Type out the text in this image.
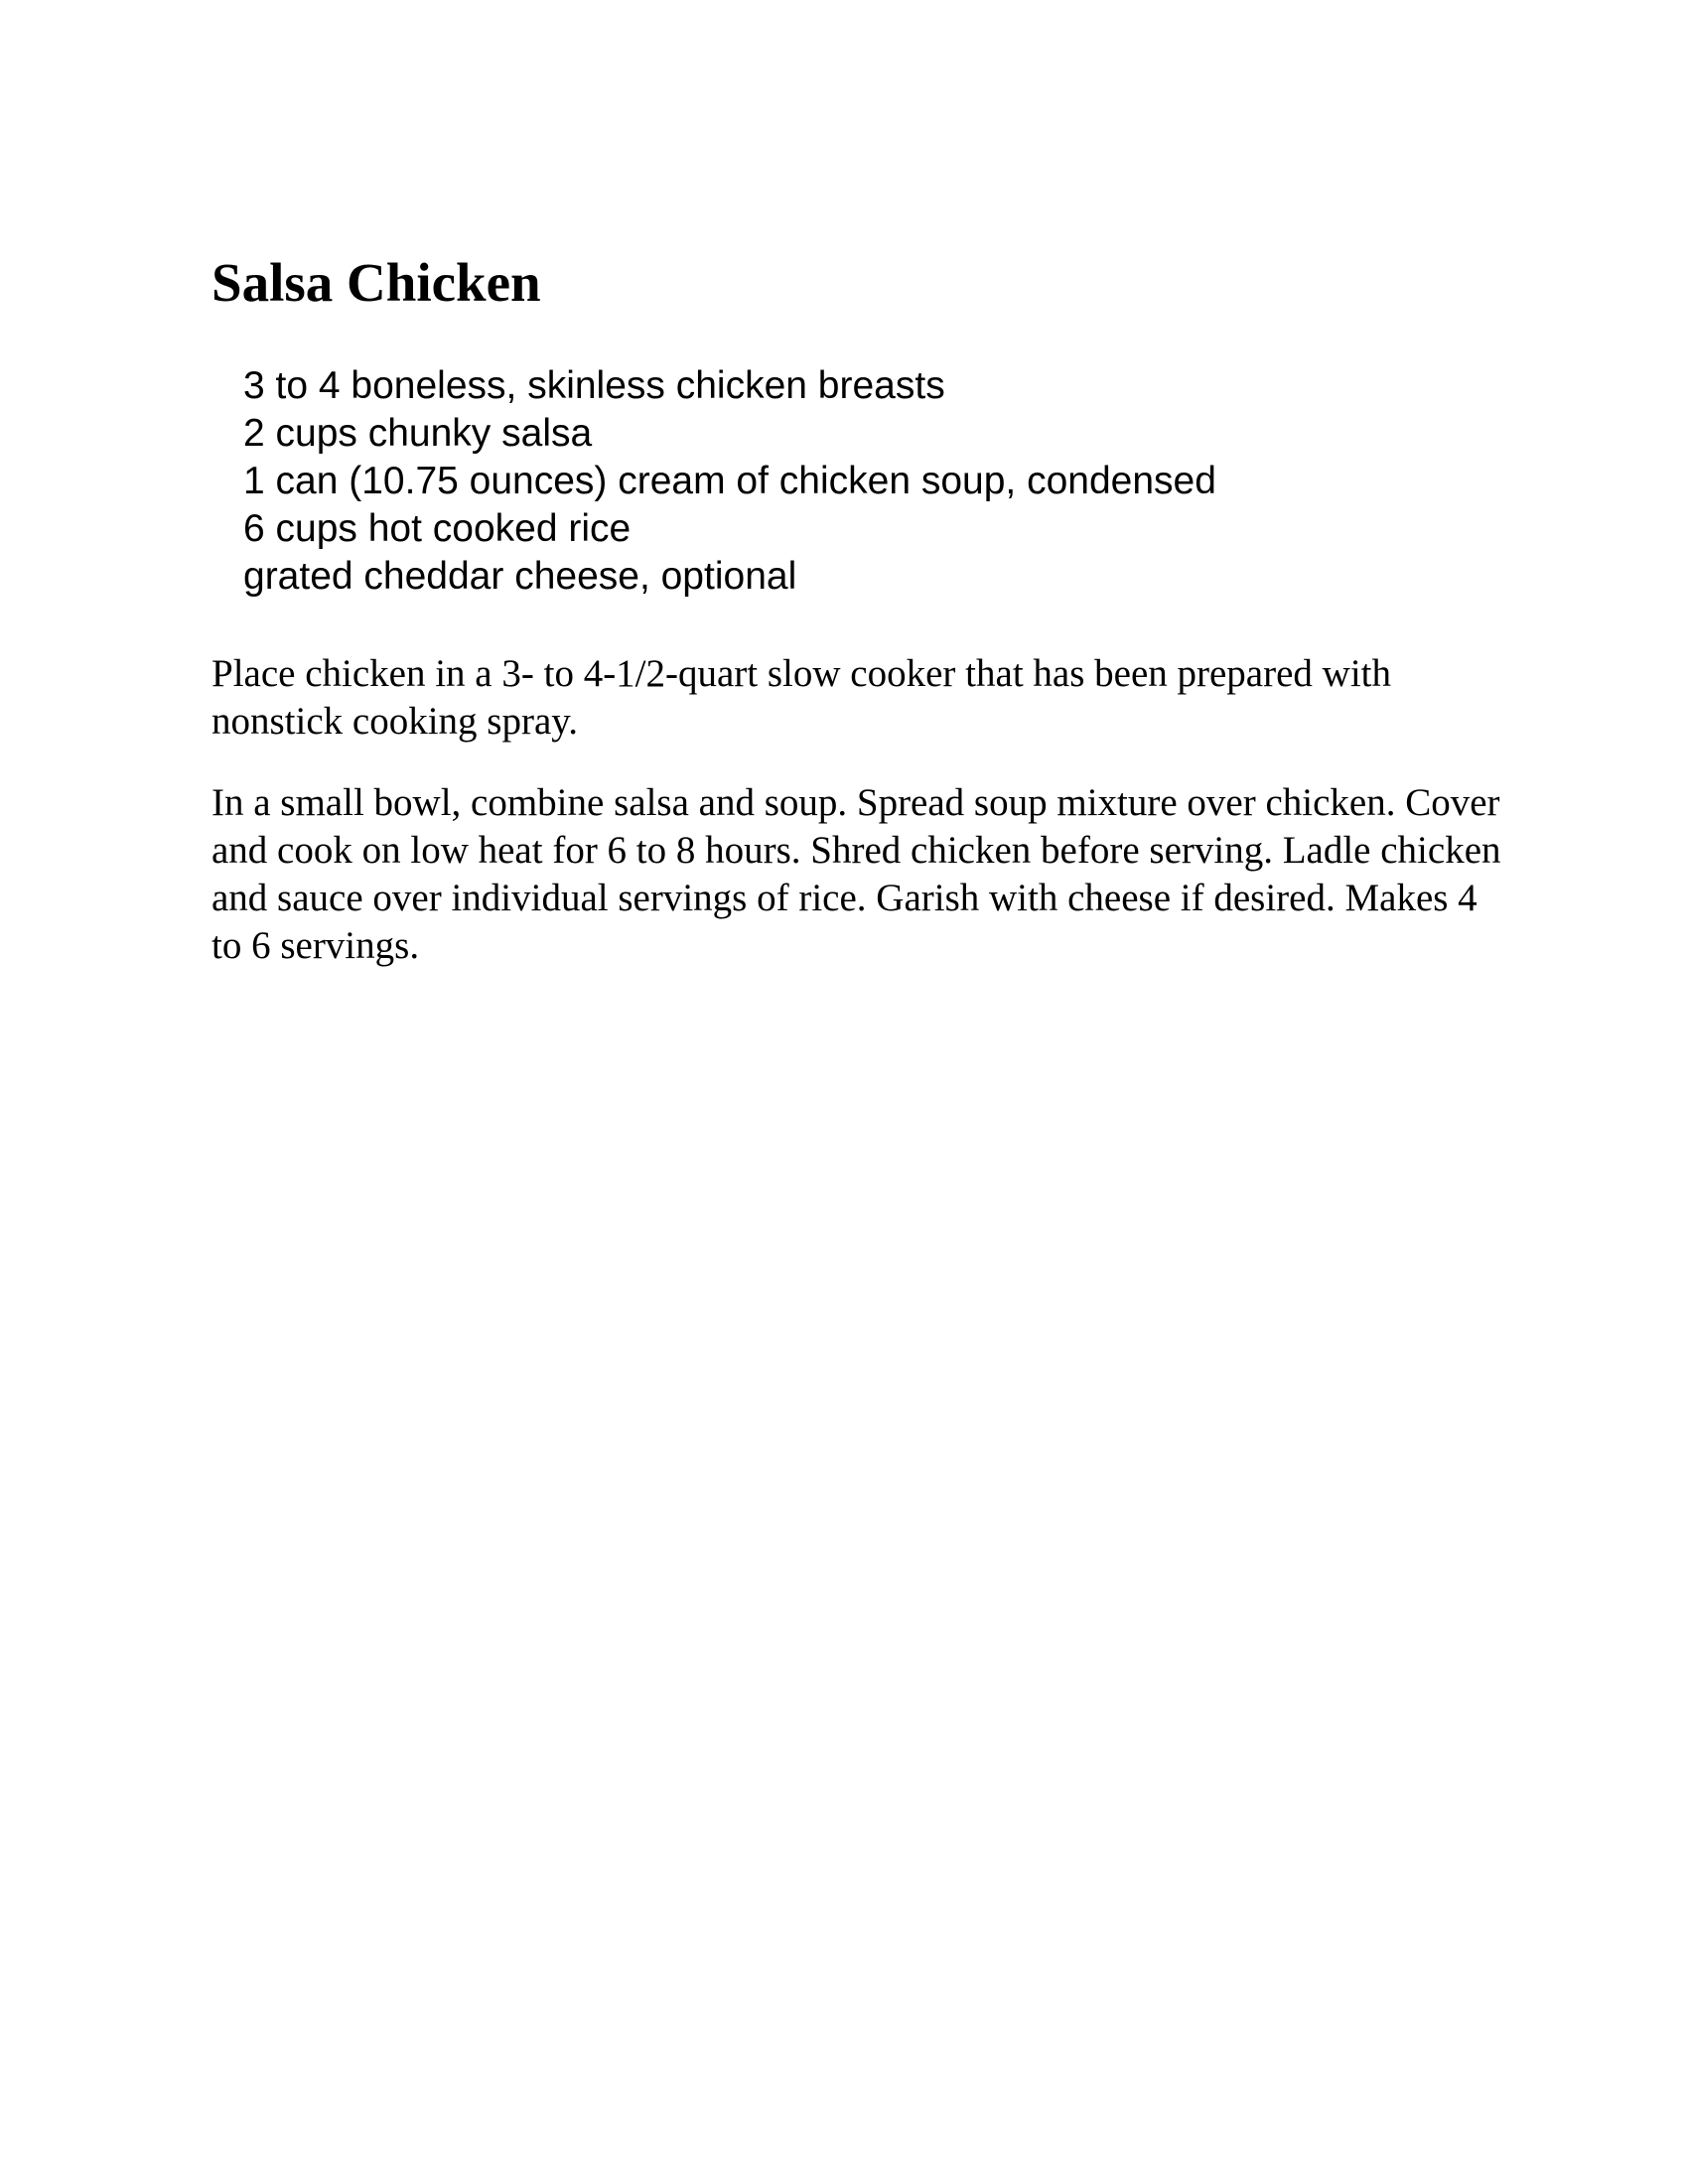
Salsa Chicken
3 to 4 boneless, skinless chicken breasts
2 cups chunky salsa
1 can (10.75 ounces) cream of chicken soup, condensed
6 cups hot cooked rice
grated cheddar cheese, optional

Place chicken in a 3- to 4-1/2-quart slow cooker that has been prepared with nonstick cooking spray.

In a small bowl, combine salsa and soup. Spread soup mixture over chicken. Cover and cook on low heat for 6 to 8 hours. Shred chicken before serving. Ladle chicken and sauce over individual servings of rice. Garish with cheese if desired. Makes 4 to 6 servings.
